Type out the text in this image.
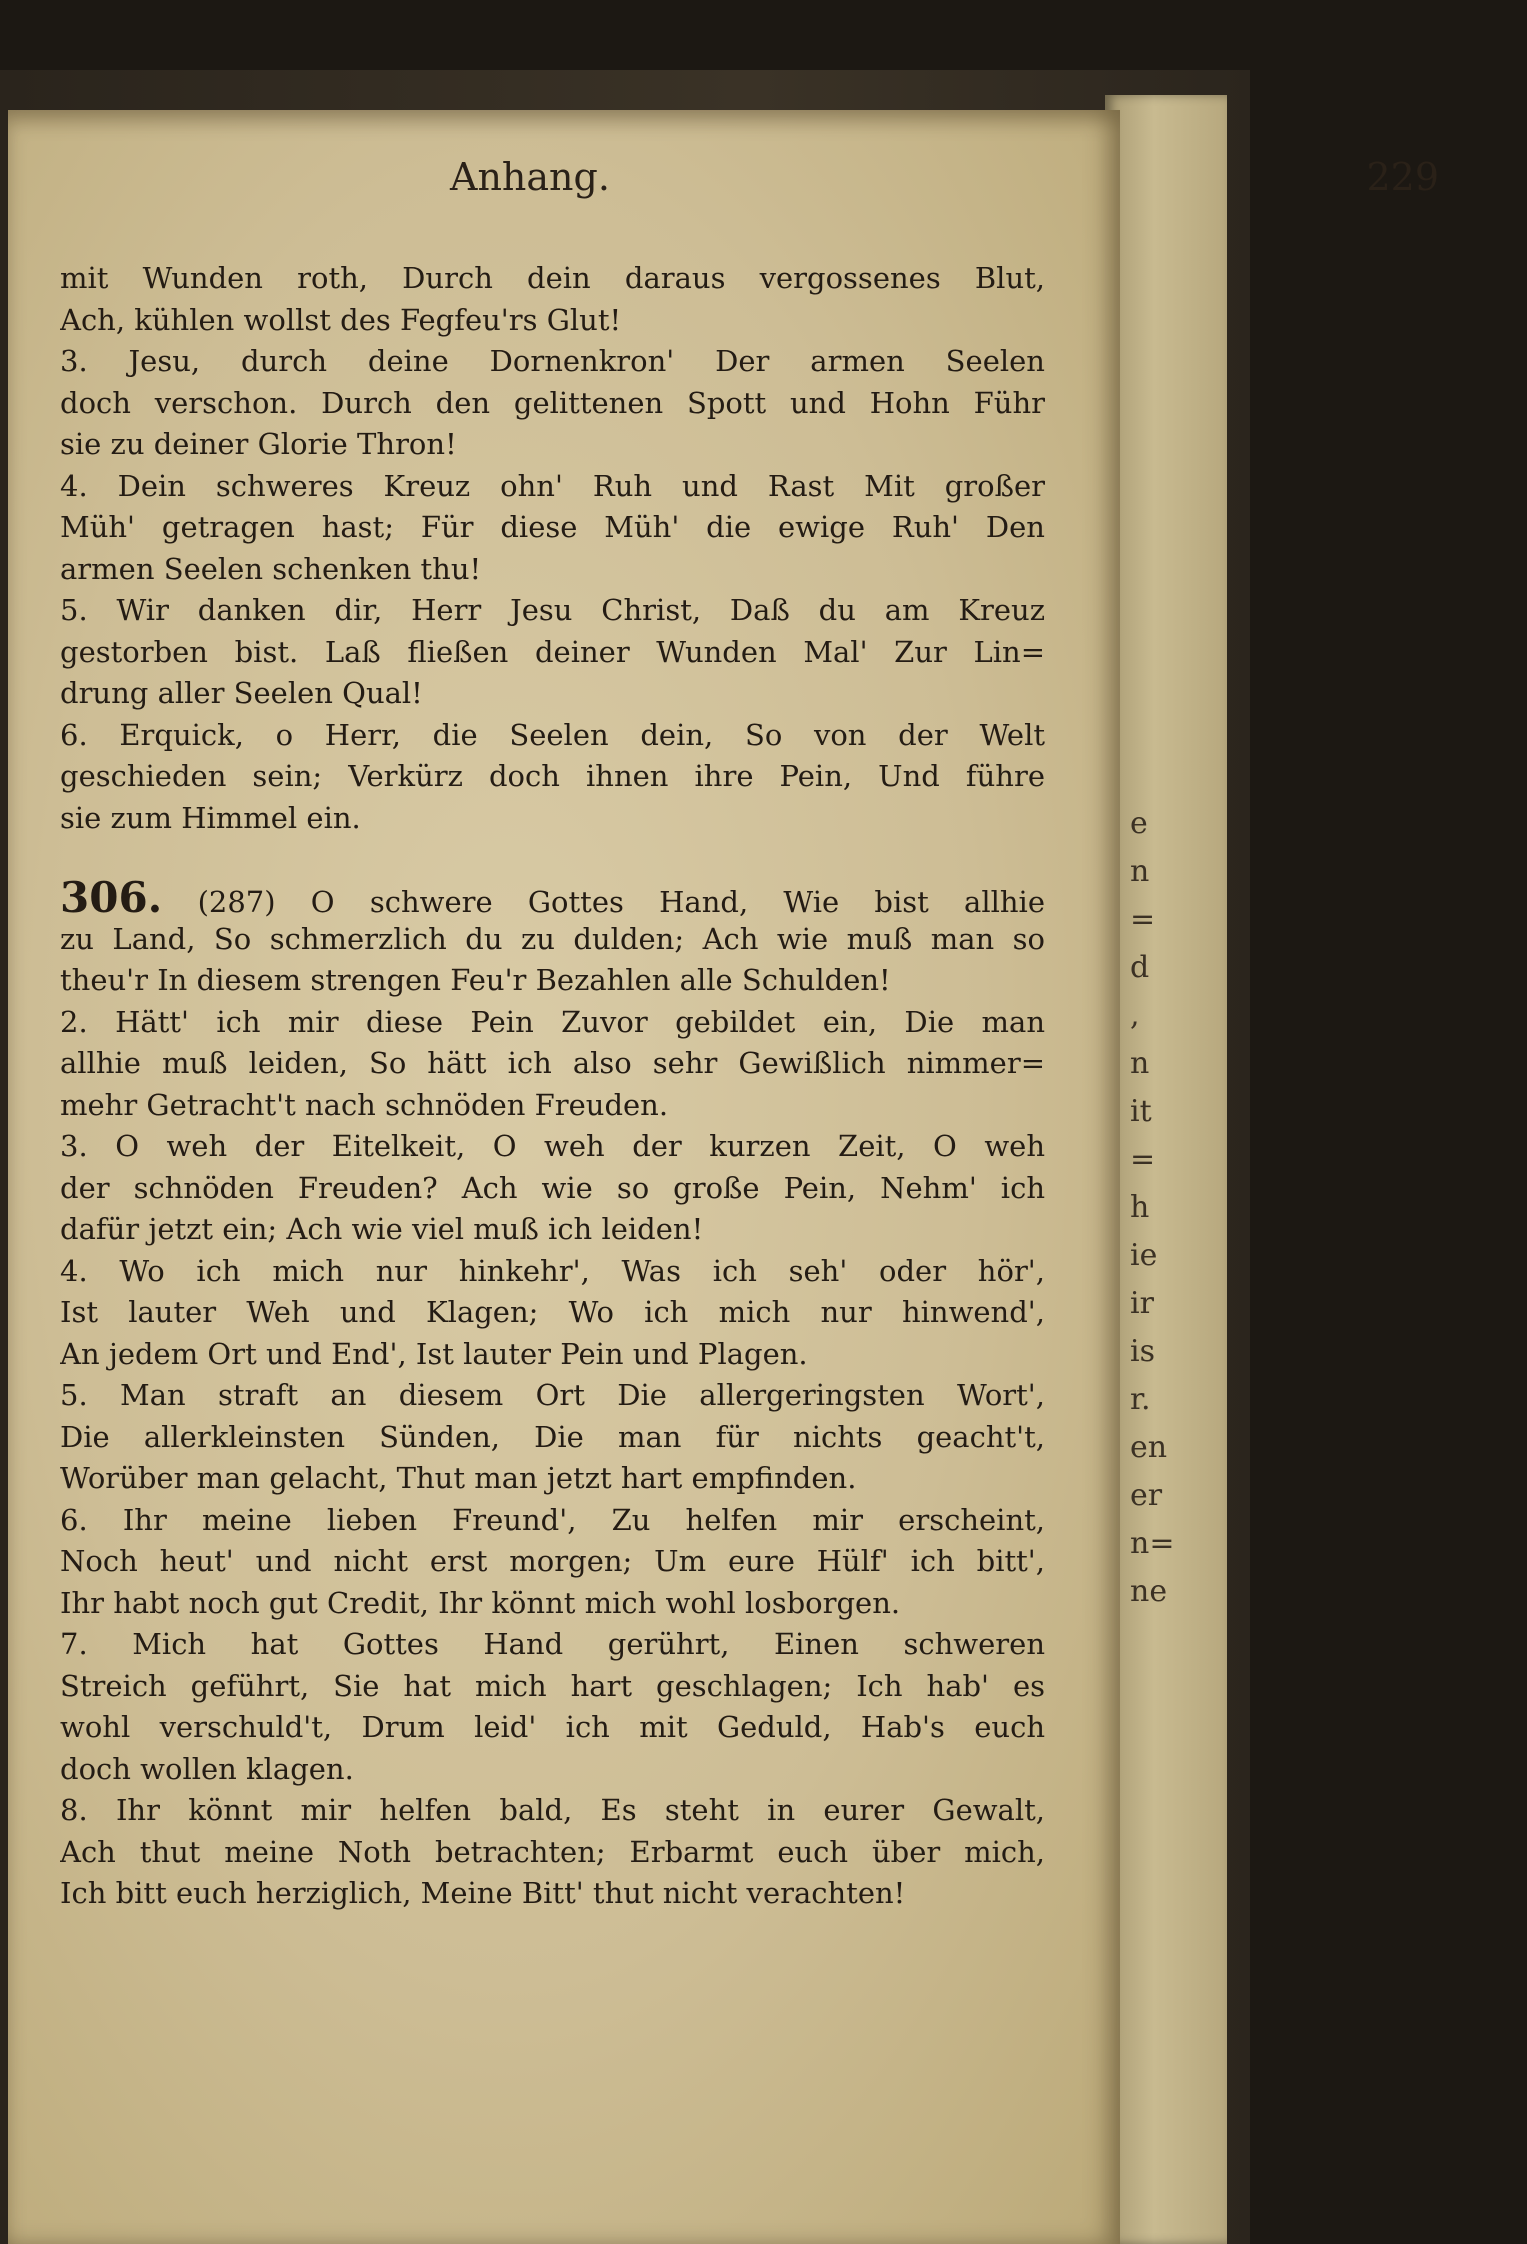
e
n
=
d
,
n
it
=
h
ie
ir
is
r.
en
er
n=
ne
Anhang.	229
mit Wunden roth, Durch dein daraus vergossenes Blut,
Ach, kühlen wollst des Fegfeu'rs Glut!
3. Jesu, durch deine Dornenkron' Der armen Seelen
doch verschon. Durch den gelittenen Spott und Hohn Führ
sie zu deiner Glorie Thron!
4. Dein schweres Kreuz ohn' Ruh und Rast Mit großer
Müh' getragen hast; Für diese Müh' die ewige Ruh' Den
armen Seelen schenken thu!
5. Wir danken dir, Herr Jesu Christ, Daß du am Kreuz
gestorben bist. Laß fließen deiner Wunden Mal' Zur Lin=
drung aller Seelen Qual!
6. Erquick, o Herr, die Seelen dein, So von der Welt
geschieden sein; Verkürz doch ihnen ihre Pein, Und führe
sie zum Himmel ein.
306. (287) O schwere Gottes Hand, Wie bist allhie
zu Land, So schmerzlich du zu dulden; Ach wie muß man so
theu'r In diesem strengen Feu'r Bezahlen alle Schulden!
2. Hätt' ich mir diese Pein Zuvor gebildet ein, Die man
allhie muß leiden, So hätt ich also sehr Gewißlich nimmer=
mehr Getracht't nach schnöden Freuden.
3. O weh der Eitelkeit, O weh der kurzen Zeit, O weh
der schnöden Freuden? Ach wie so große Pein, Nehm' ich
dafür jetzt ein; Ach wie viel muß ich leiden!
4. Wo ich mich nur hinkehr', Was ich seh' oder hör',
Ist lauter Weh und Klagen; Wo ich mich nur hinwend',
An jedem Ort und End', Ist lauter Pein und Plagen.
5. Man straft an diesem Ort Die allergeringsten Wort',
Die allerkleinsten Sünden, Die man für nichts geacht't,
Worüber man gelacht, Thut man jetzt hart empfinden.
6. Ihr meine lieben Freund', Zu helfen mir erscheint,
Noch heut' und nicht erst morgen; Um eure Hülf' ich bitt',
Ihr habt noch gut Credit, Ihr könnt mich wohl losborgen.
7. Mich hat Gottes Hand gerührt, Einen schweren
Streich geführt, Sie hat mich hart geschlagen; Ich hab' es
wohl verschuld't, Drum leid' ich mit Geduld, Hab's euch
doch wollen klagen.
8. Ihr könnt mir helfen bald, Es steht in eurer Gewalt,
Ach thut meine Noth betrachten; Erbarmt euch über mich,
Ich bitt euch herziglich, Meine Bitt' thut nicht verachten!
